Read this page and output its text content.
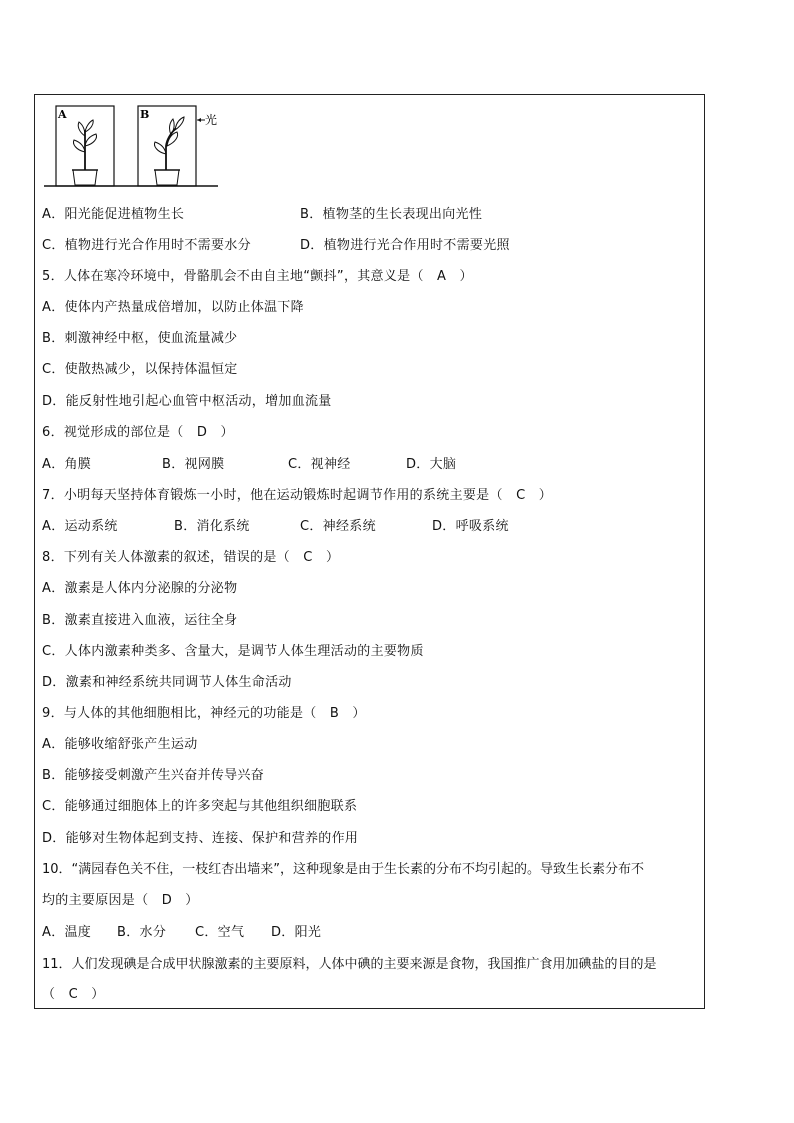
A	B	光
A．阳光能促进植物生长	B．植物茎的生长表现出向光性
C．植物进行光合作用时不需要水分	D．植物进行光合作用时不需要光照
5．人体在寒冷环境中，骨骼肌会不由自主地“颤抖”，其意义是（　A　）
A．使体内产热量成倍增加，以防止体温下降
B．刺激神经中枢，使血流量减少
C．使散热减少，以保持体温恒定
D．能反射性地引起心血管中枢活动，增加血流量
6．视觉形成的部位是（　D　）
A．角膜	B．视网膜	C．视神经	D．大脑
7．小明每天坚持体育锻炼一小时，他在运动锻炼时起调节作用的系统主要是（　C　）
A．运动系统	B．消化系统	C．神经系统	D．呼吸系统
8．下列有关人体激素的叙述，错误的是（　C　）
A．激素是人体内分泌腺的分泌物
B．激素直接进入血液，运往全身
C．人体内激素种类多、含量大，是调节人体生理活动的主要物质
D．激素和神经系统共同调节人体生命活动
9．与人体的其他细胞相比，神经元的功能是（　B　）
A．能够收缩舒张产生运动
B．能够接受刺激产生兴奋并传导兴奋
C．能够通过细胞体上的许多突起与其他组织细胞联系
D．能够对生物体起到支持、连接、保护和营养的作用
10．“满园春色关不住，一枝红杏出墙来”，这种现象是由于生长素的分布不均引起的。导致生长素分布不
均的主要原因是（　D　）
A．温度 B．水分 C．空气 D．阳光
11．人们发现碘是合成甲状腺激素的主要原料，人体中碘的主要来源是食物，我国推广食用加碘盐的目的是
（　C　）
